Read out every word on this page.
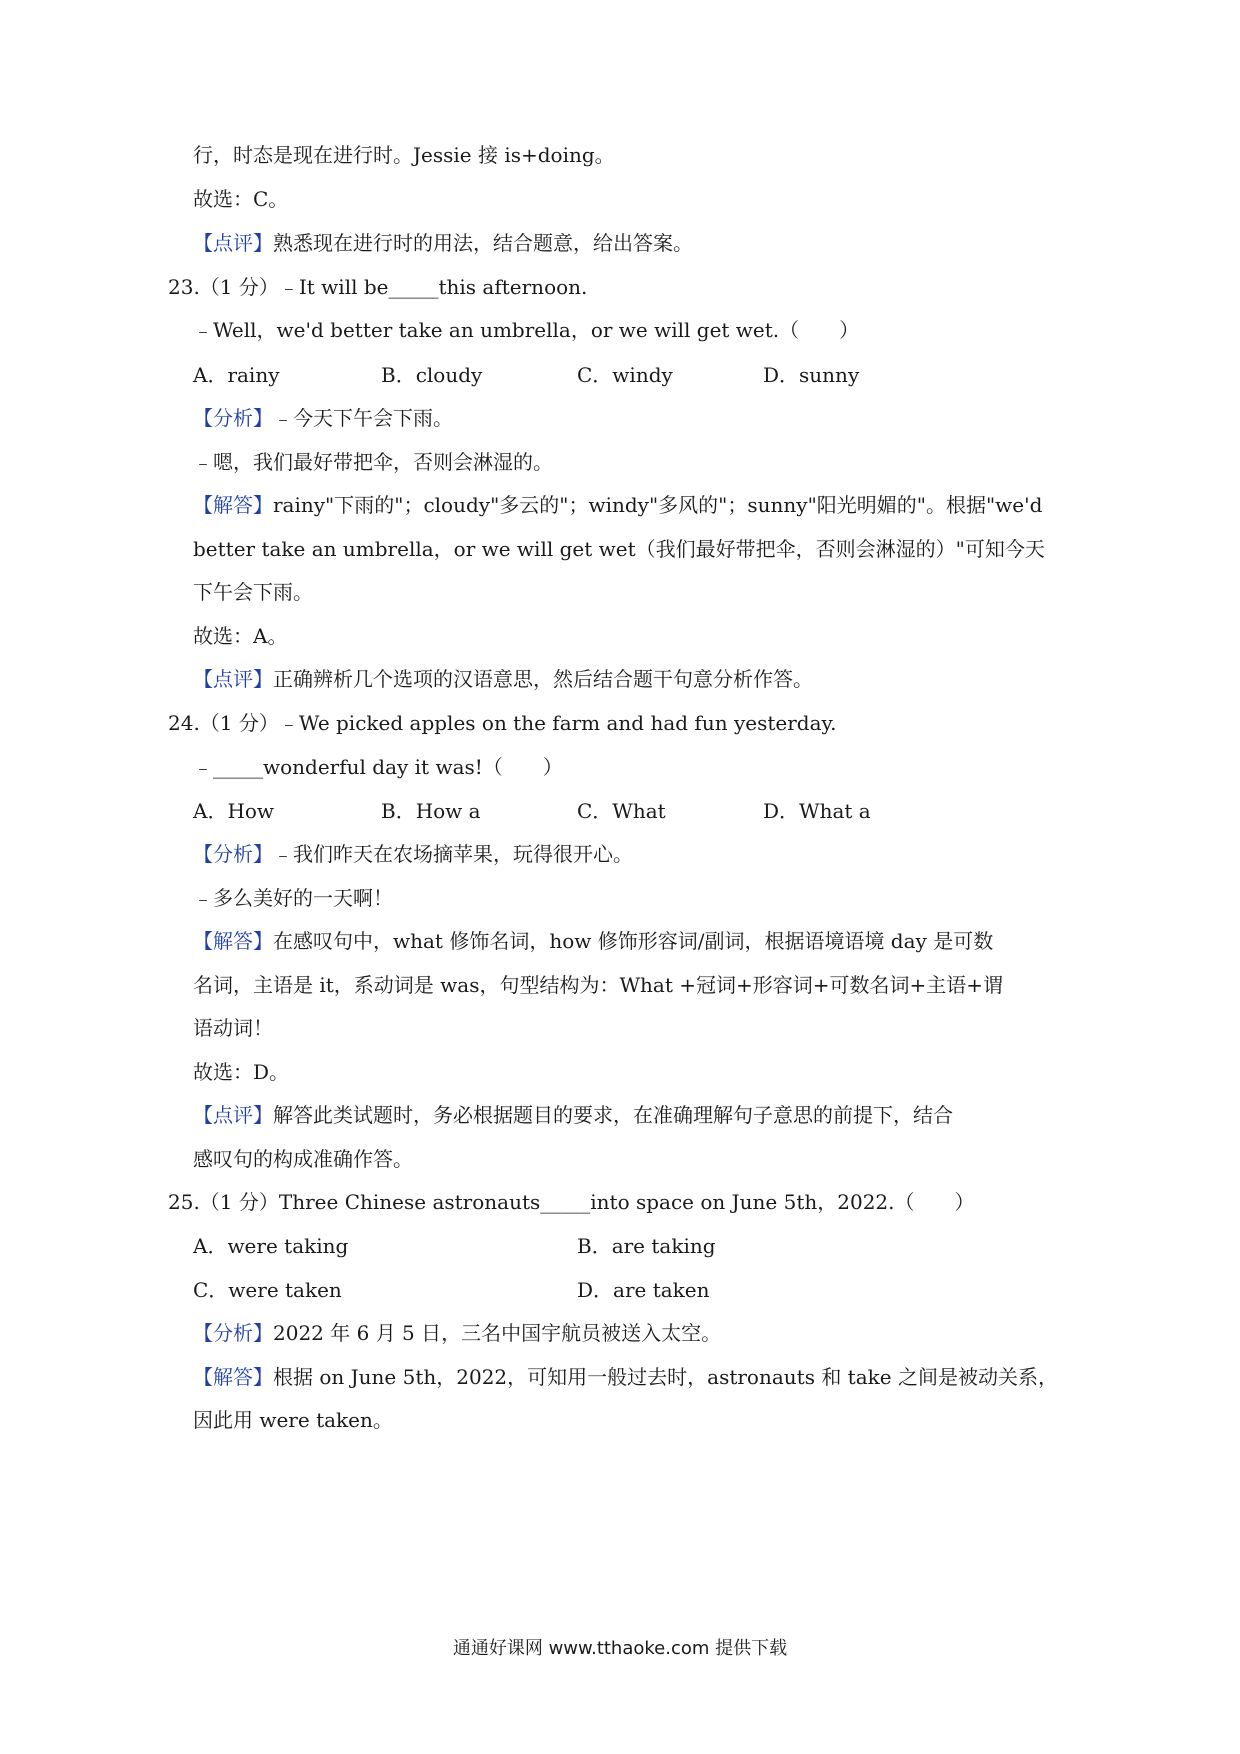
行，时态是现在进行时。Jessie 接 is+doing。
故选：C。
【点评】熟悉现在进行时的用法，结合题意，给出答案。
23.（1 分）﹣It will be_____this afternoon.
﹣Well，we'd better take an umbrella，or we will get wet.（　　）
A．rainy	B．cloudy	C．windy	D．sunny
【分析】﹣今天下午会下雨。
﹣嗯，我们最好带把伞，否则会淋湿的。
【解答】rainy"下雨的"；cloudy"多云的"；windy"多风的"；sunny"阳光明媚的"。根据"we'd
better take an umbrella，or we will get wet（我们最好带把伞，否则会淋湿的）"可知今天
下午会下雨。
故选：A。
【点评】正确辨析几个选项的汉语意思，然后结合题干句意分析作答。
24.（1 分）﹣We picked apples on the farm and had fun yesterday.
﹣_____wonderful day it was!（　　）
A．How	B．How a	C．What	D．What a
【分析】﹣我们昨天在农场摘苹果，玩得很开心。
﹣多么美好的一天啊！
【解答】在感叹句中，what 修饰名词，how 修饰形容词/副词，根据语境语境 day 是可数
名词，主语是 it，系动词是 was，句型结构为：What +冠词+形容词+可数名词+主语+谓
语动词！
故选：D。
【点评】解答此类试题时，务必根据题目的要求，在准确理解句子意思的前提下，结合
感叹句的构成准确作答。
25.（1 分）Three Chinese astronauts_____into space on June 5th，2022.（　　）
A．were taking	B．are taking
C．were taken	D．are taken
【分析】2022 年 6 月 5 日，三名中国宇航员被送入太空。
【解答】根据 on June 5th，2022，可知用一般过去时，astronauts 和 take 之间是被动关系，
因此用 were taken。
通通好课网 www.tthaoke.com 提供下载
